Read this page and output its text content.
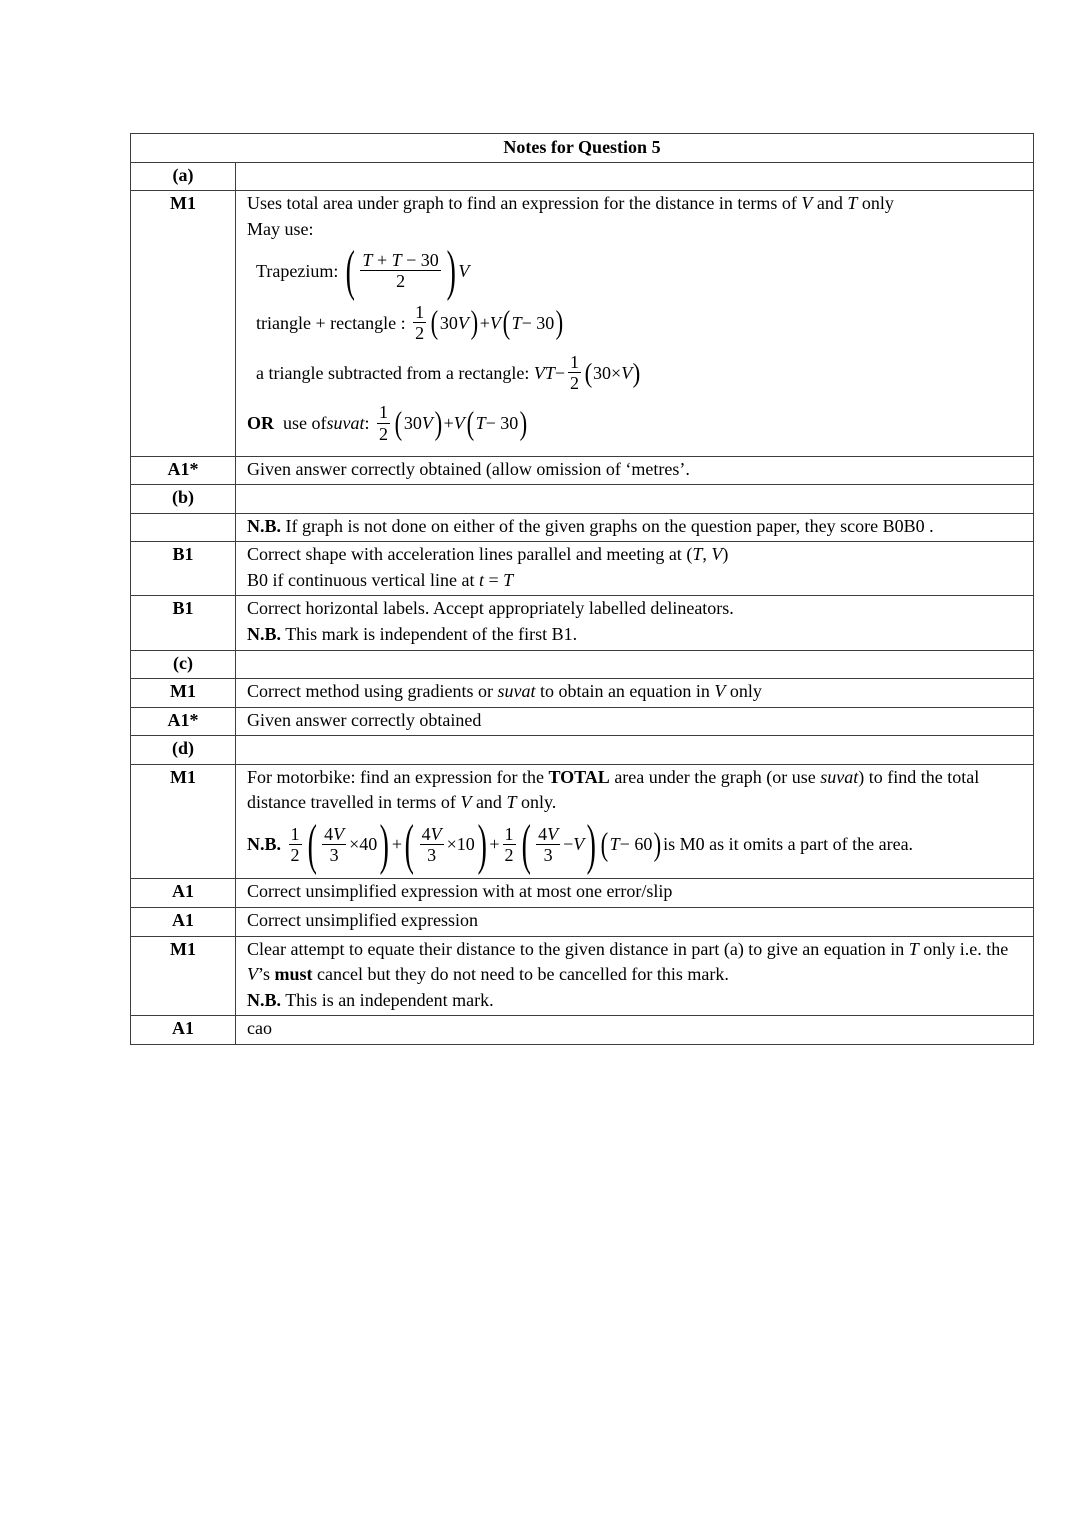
Notes for Question 5	
(a)	
M1	Uses total area under graph to find an expression for the distance in terms of V and T only
May use:
Trapezium: ( $\frac{T + T - 30}{2}$ ) V
triangle + rectangle : $\frac{1}{2}$ ( 30 V ) + V ( T − 30 )
a triangle subtracted from a rectangle: VT − $\frac{1}{2}$ ( 30× V )
OR use of suvat : $\frac{1}{2}$ ( 30 V ) + V ( T − 30 )

A1*	Given answer correctly obtained (allow omission of ‘metres’.

(b)	

	N.B. If graph is not done on either of the given graphs on the question paper, they score B0B0 .

B1	Correct shape with acceleration lines parallel and meeting at (T, V)
B0 if continuous vertical line at t = T

B1	Correct horizontal labels. Accept appropriately labelled delineators.
N.B. This mark is independent of the first B1.

(c)	
M1	Correct method using gradients or suvat to obtain an equation in V only

A1*	Given answer correctly obtained

(d)	
M1	For motorbike: find an expression for the TOTAL area under the graph (or use suvat) to find the total distance travelled in terms of V and T only.
N.B.
$\frac{1}{2}$ ( $\frac{4V}{3} \times 40$ ) + ( $\frac{4V}{3} \times 10$ ) + $\frac{1}{2}$ ( $\frac{4V}{3} - V$ ) ( T − 60 ) is M0 as it omits a part of the area.

A1	Correct unsimplified expression with at most one error/slip

A1	Correct unsimplified expression

M1	Clear attempt to equate their distance to the given distance in part (a) to give an equation in T only i.e. the V’s must cancel but they do not need to be cancelled for this mark.
N.B. This is an independent mark.

A1	cao
